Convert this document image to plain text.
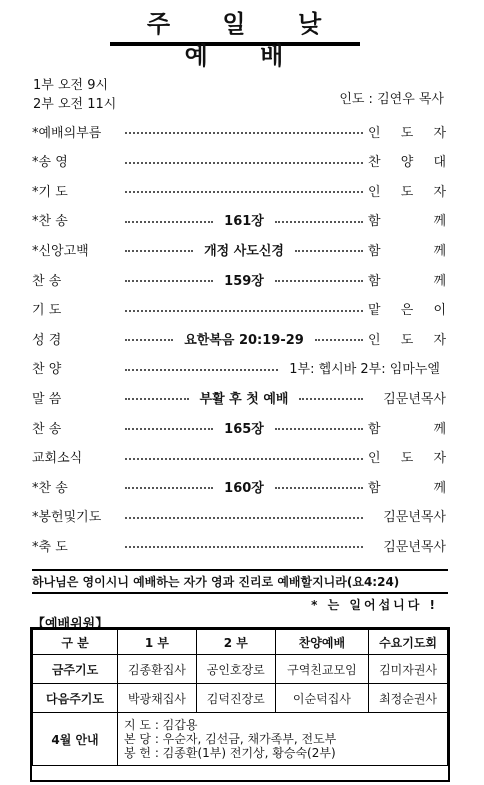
주 일 낮 예 배
1부 오전 9시
2부 오전 11시	인도 : 김연우 목사
*예배의부름	인 도 자
*송 영	찬 양 대
*기 도	인 도 자
*찬 송	161장	함	께
*신앙고백	개정 사도신경	함	께
찬 송	159장	함	께
기 도	맡 은 이
성 경	요한복음 20:19-29	인 도 자
찬 양	1부: 헵시바 2부: 임마누엘
말 씀	부활 후 첫 예배	김문년목사
찬 송	165장	함	께
교회소식	인 도 자
*찬 송	160장	함	께
*봉헌및기도	김문년목사
*축 도	김문년목사
하나님은 영이시니 예배하는 자가 영과 진리로 예배할지니라(요4:24)
* 는 일어섭니다 !
【예배위원】
구 분	1 부	2 부	찬양예배	수요기도회
금주기도	김종환집사	공인호장로	구역친교모임	김미자권사
다음주기도	박광채집사	김덕진장로	이순덕집사	최정순권사
4월 안내	지 도 : 김갑용
본 당 : 우순자, 김선금, 채가족부, 전도부
봉 헌 : 김종환(1부) 전기상, 황승숙(2부)			
